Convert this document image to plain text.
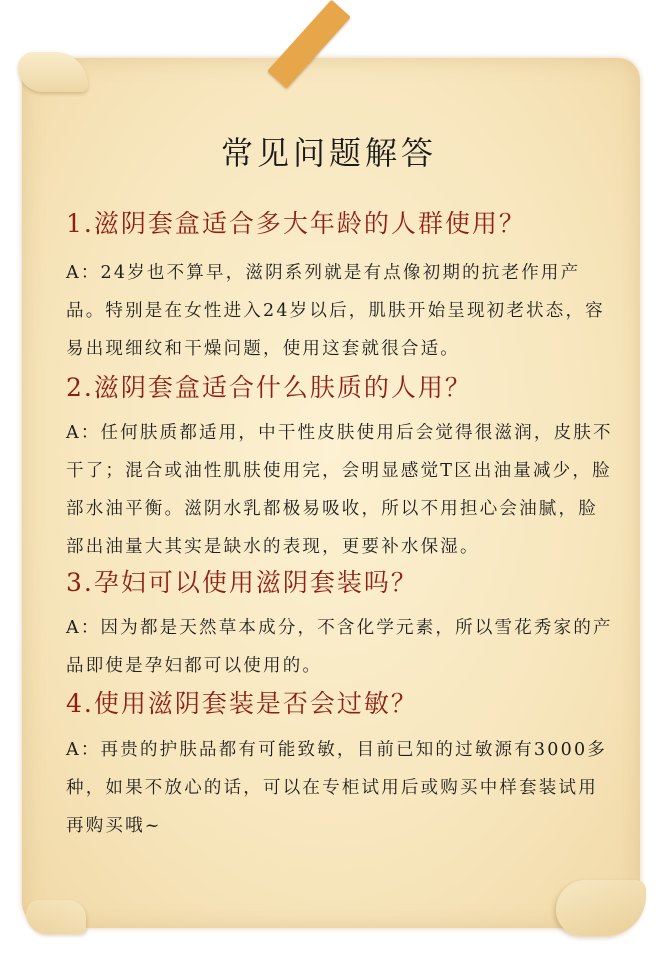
常见问题解答
1.滋阴套盒适合多大年龄的人群使用？
A：24岁也不算早，滋阴系列就是有点像初期的抗老作用产品。特别是在女性进入24岁以后，肌肤开始呈现初老状态，容易出现细纹和干燥问题，使用这套就很合适。
2.滋阴套盒适合什么肤质的人用？
A：任何肤质都适用，中干性皮肤使用后会觉得很滋润，皮肤不干了；混合或油性肌肤使用完，会明显感觉T区出油量减少，脸部水油平衡。滋阴水乳都极易吸收，所以不用担心会油腻，脸部出油量大其实是缺水的表现，更要补水保湿。
3.孕妇可以使用滋阴套装吗？
A：因为都是天然草本成分，不含化学元素，所以雪花秀家的产品即使是孕妇都可以使用的。
4.使用滋阴套装是否会过敏？
A：再贵的护肤品都有可能致敏，目前已知的过敏源有3000多种，如果不放心的话，可以在专柜试用后或购买中样套装试用再购买哦~
